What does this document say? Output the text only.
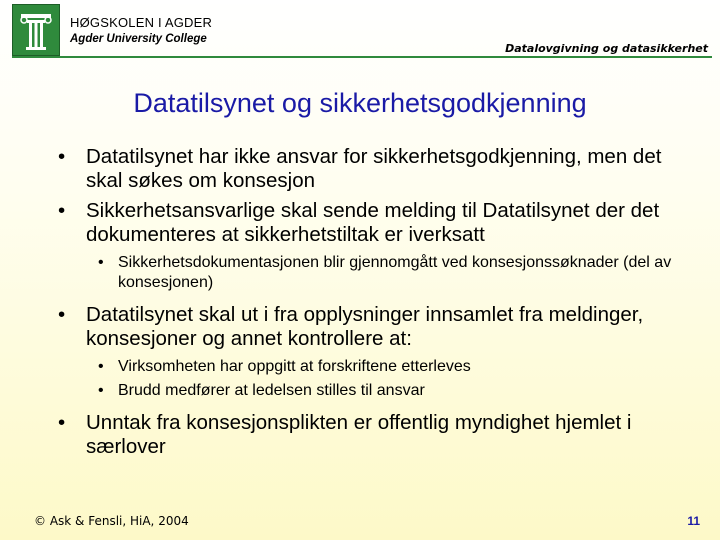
HØGSKOLEN I AGDER
Agder University College
Datalovgivning og datasikkerhet
Datatilsynet og sikkerhetsgodkjenning
• Datatilsynet har ikke ansvar for sikkerhetsgodkjenning, men det skal søkes om konsesjon
• Sikkerhetsansvarlige skal sende melding til Datatilsynet der det dokumenteres at sikkerhetstiltak er iverksatt
• Sikkerhetsdokumentasjonen blir gjennomgått ved konsesjonssøknader (del av konsesjonen)
• Datatilsynet skal ut i fra opplysninger innsamlet fra meldinger, konsesjoner og annet kontrollere at:
• Virksomheten har oppgitt at forskriftene etterleves
• Brudd medfører at ledelsen stilles til ansvar
• Unntak fra konsesjonsplikten er offentlig myndighet hjemlet i særlover
© Ask & Fensli, HiA, 2004	11
